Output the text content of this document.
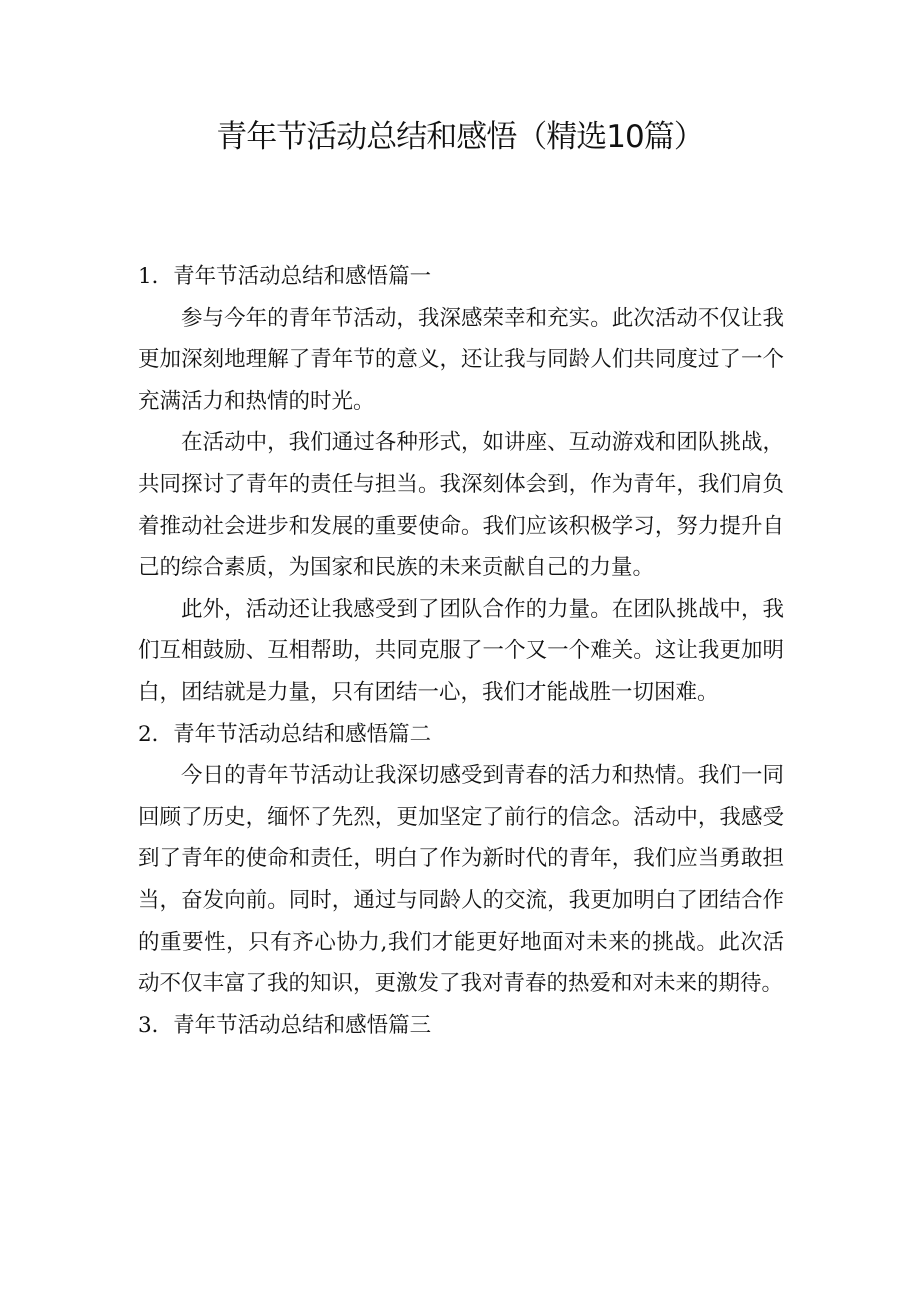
青年节活动总结和感悟（精选10篇）

1．青年节活动总结和感悟篇一

参与今年的青年节活动，我深感荣幸和充实。此次活动不仅让我更加深刻地理解了青年节的意义，还让我与同龄人们共同度过了一个充满活力和热情的时光。

在活动中，我们通过各种形式，如讲座、互动游戏和团队挑战，共同探讨了青年的责任与担当。我深刻体会到，作为青年，我们肩负着推动社会进步和发展的重要使命。我们应该积极学习，努力提升自己的综合素质，为国家和民族的未来贡献自己的力量。

此外，活动还让我感受到了团队合作的力量。在团队挑战中，我们互相鼓励、互相帮助，共同克服了一个又一个难关。这让我更加明白，团结就是力量，只有团结一心，我们才能战胜一切困难。

2．青年节活动总结和感悟篇二

今日的青年节活动让我深切感受到青春的活力和热情。我们一同回顾了历史，缅怀了先烈，更加坚定了前行的信念。活动中，我感受到了青年的使命和责任，明白了作为新时代的青年，我们应当勇敢担当，奋发向前。同时，通过与同龄人的交流，我更加明白了团结合作的重要性，只有齐心协力,我们才能更好地面对未来的挑战。此次活动不仅丰富了我的知识，更激发了我对青春的热爱和对未来的期待。

3．青年节活动总结和感悟篇三
